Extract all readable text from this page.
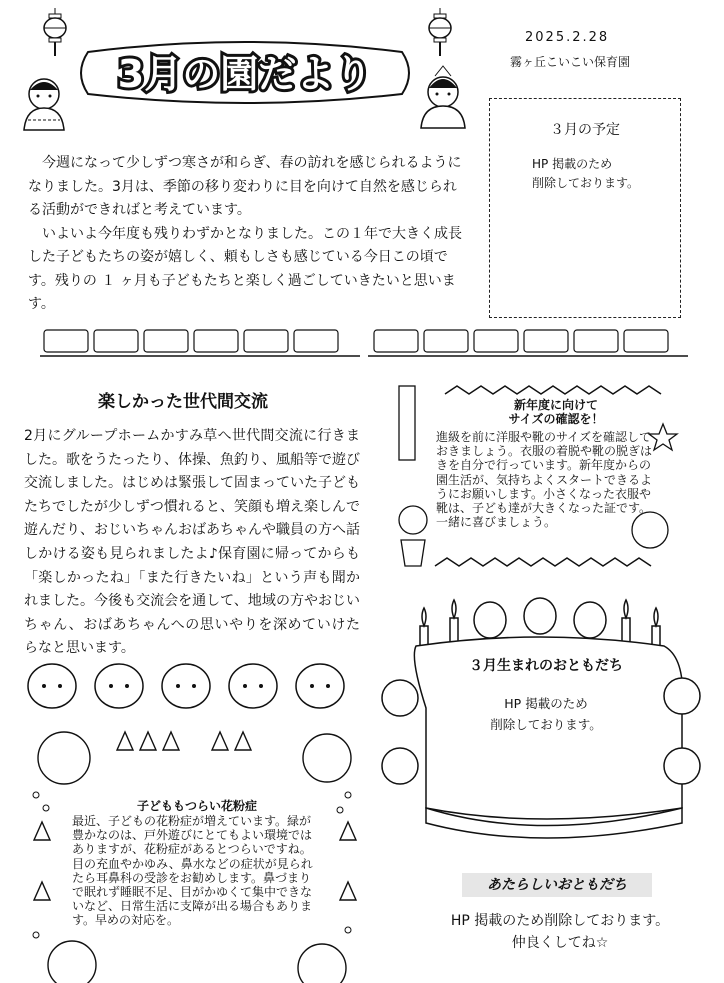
3月の園だより
2025.2.28
霧ヶ丘こいこい保育園
３月の予定
HP 掲載のため
削除しております。

今週になって少しずつ寒さが和らぎ、春の訪れを感じられるようになりました。3月は、季節の移り変わりに目を向けて自然を感じられる活動ができればと考えています。

いよいよ今年度も残りわずかとなりました。この１年で大きく成長した子どもたちの姿が嬉しく、頼もしさも感じている今日この頃です。残りの １ ヶ月も子どもたちと楽しく過ごしていきたいと思います。

楽しかった世代間交流
2月にグループホームかすみ草へ世代間交流に行きました。歌をうたったり、体操、魚釣り、風船等で遊び交流しました。はじめは緊張して固まっていた子どもたちでしたが少しずつ慣れると、笑顔も増え楽しんで遊んだり、おじいちゃんおばあちゃんや職員の方へ話しかける姿も見られましたよ♪保育園に帰ってからも「楽しかったね」「また行きたいね」という声も聞かれました。今後も交流会を通して、地域の方やおじいちゃん、おばあちゃんへの思いやりを深めていけたらなと思います。
子どももつらい花粉症
最近、子どもの花粉症が増えています。緑が豊かなのは、戸外遊びにとてもよい環境ではありますが、花粉症があるとつらいですね。目の充血やかゆみ、鼻水などの症状が見られたら耳鼻科の受診をお勧めします。鼻づまりで眠れず睡眠不足、目がかゆくて集中できないなど、日常生活に支障が出る場合もあります。早めの対応を。
新年度に向けて
サイズの確認を！
進級を前に洋服や靴のサイズを確認しておきましょう。衣服の着脱や靴の脱ぎはきを自分で行っています。新年度からの園生活が、気持ちよくスタートできるようにお願いします。小さくなった衣服や靴は、子ども達が大きくなった証です。一緒に喜びましょう。
３月生まれのおともだち
HP 掲載のため
削除しております。
あたらしいおともだち
HP 掲載のため削除しております。
仲良くしてね☆
